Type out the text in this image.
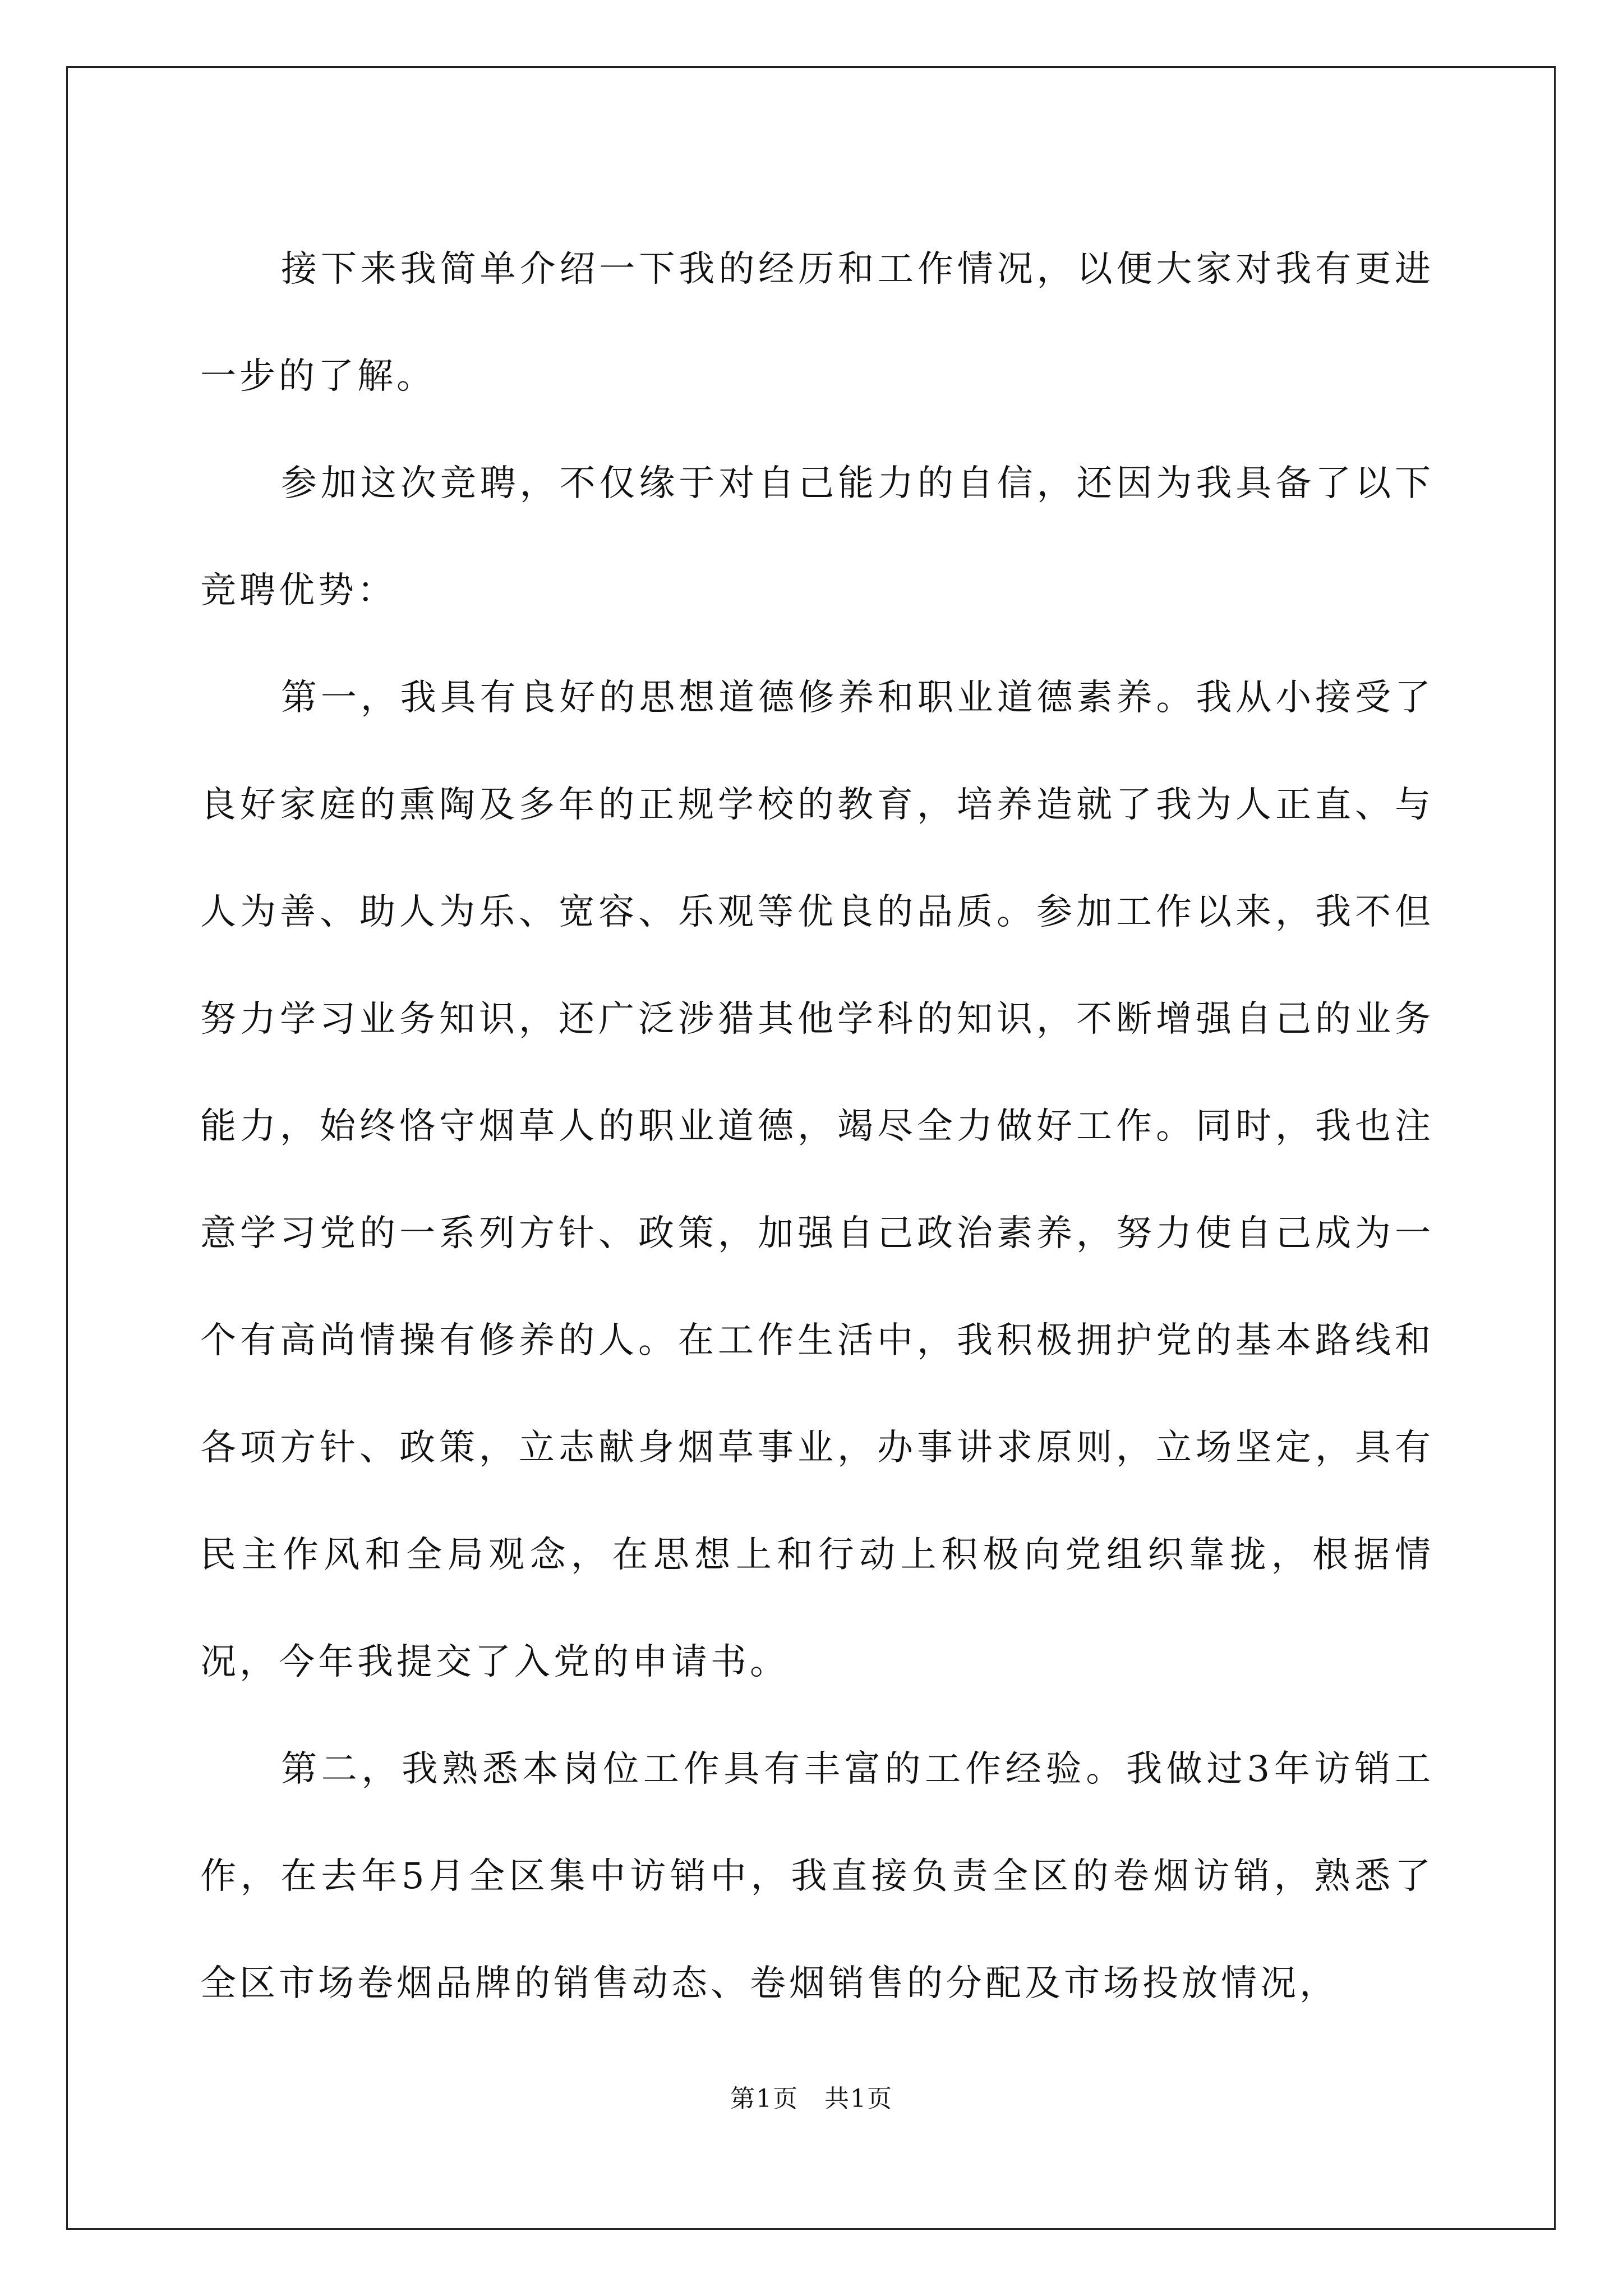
接下来我简单介绍一下我的经历和工作情况，以便大家对我有更进一步的了解。

参加这次竞聘，不仅缘于对自己能力的自信，还因为我具备了以下竞聘优势：

第一，我具有良好的思想道德修养和职业道德素养。我从小接受了良好家庭的熏陶及多年的正规学校的教育，培养造就了我为人正直、与人为善、助人为乐、宽容、乐观等优良的品质。参加工作以来，我不但努力学习业务知识，还广泛涉猎其他学科的知识，不断增强自己的业务能力，始终恪守烟草人的职业道德，竭尽全力做好工作。同时，我也注意学习党的一系列方针、政策，加强自己政治素养，努力使自己成为一个有高尚情操有修养的人。在工作生活中，我积极拥护党的基本路线和各项方针、政策，立志献身烟草事业，办事讲求原则，立场坚定，具有民主作风和全局观念，在思想上和行动上积极向党组织靠拢，根据情况，今年我提交了入党的申请书。

第二，我熟悉本岗位工作具有丰富的工作经验。我做过3年访销工作，在去年5月全区集中访销中，我直接负责全区的卷烟访销，熟悉了全区市场卷烟品牌的销售动态、卷烟销售的分配及市场投放情况，

第1页　共1页
